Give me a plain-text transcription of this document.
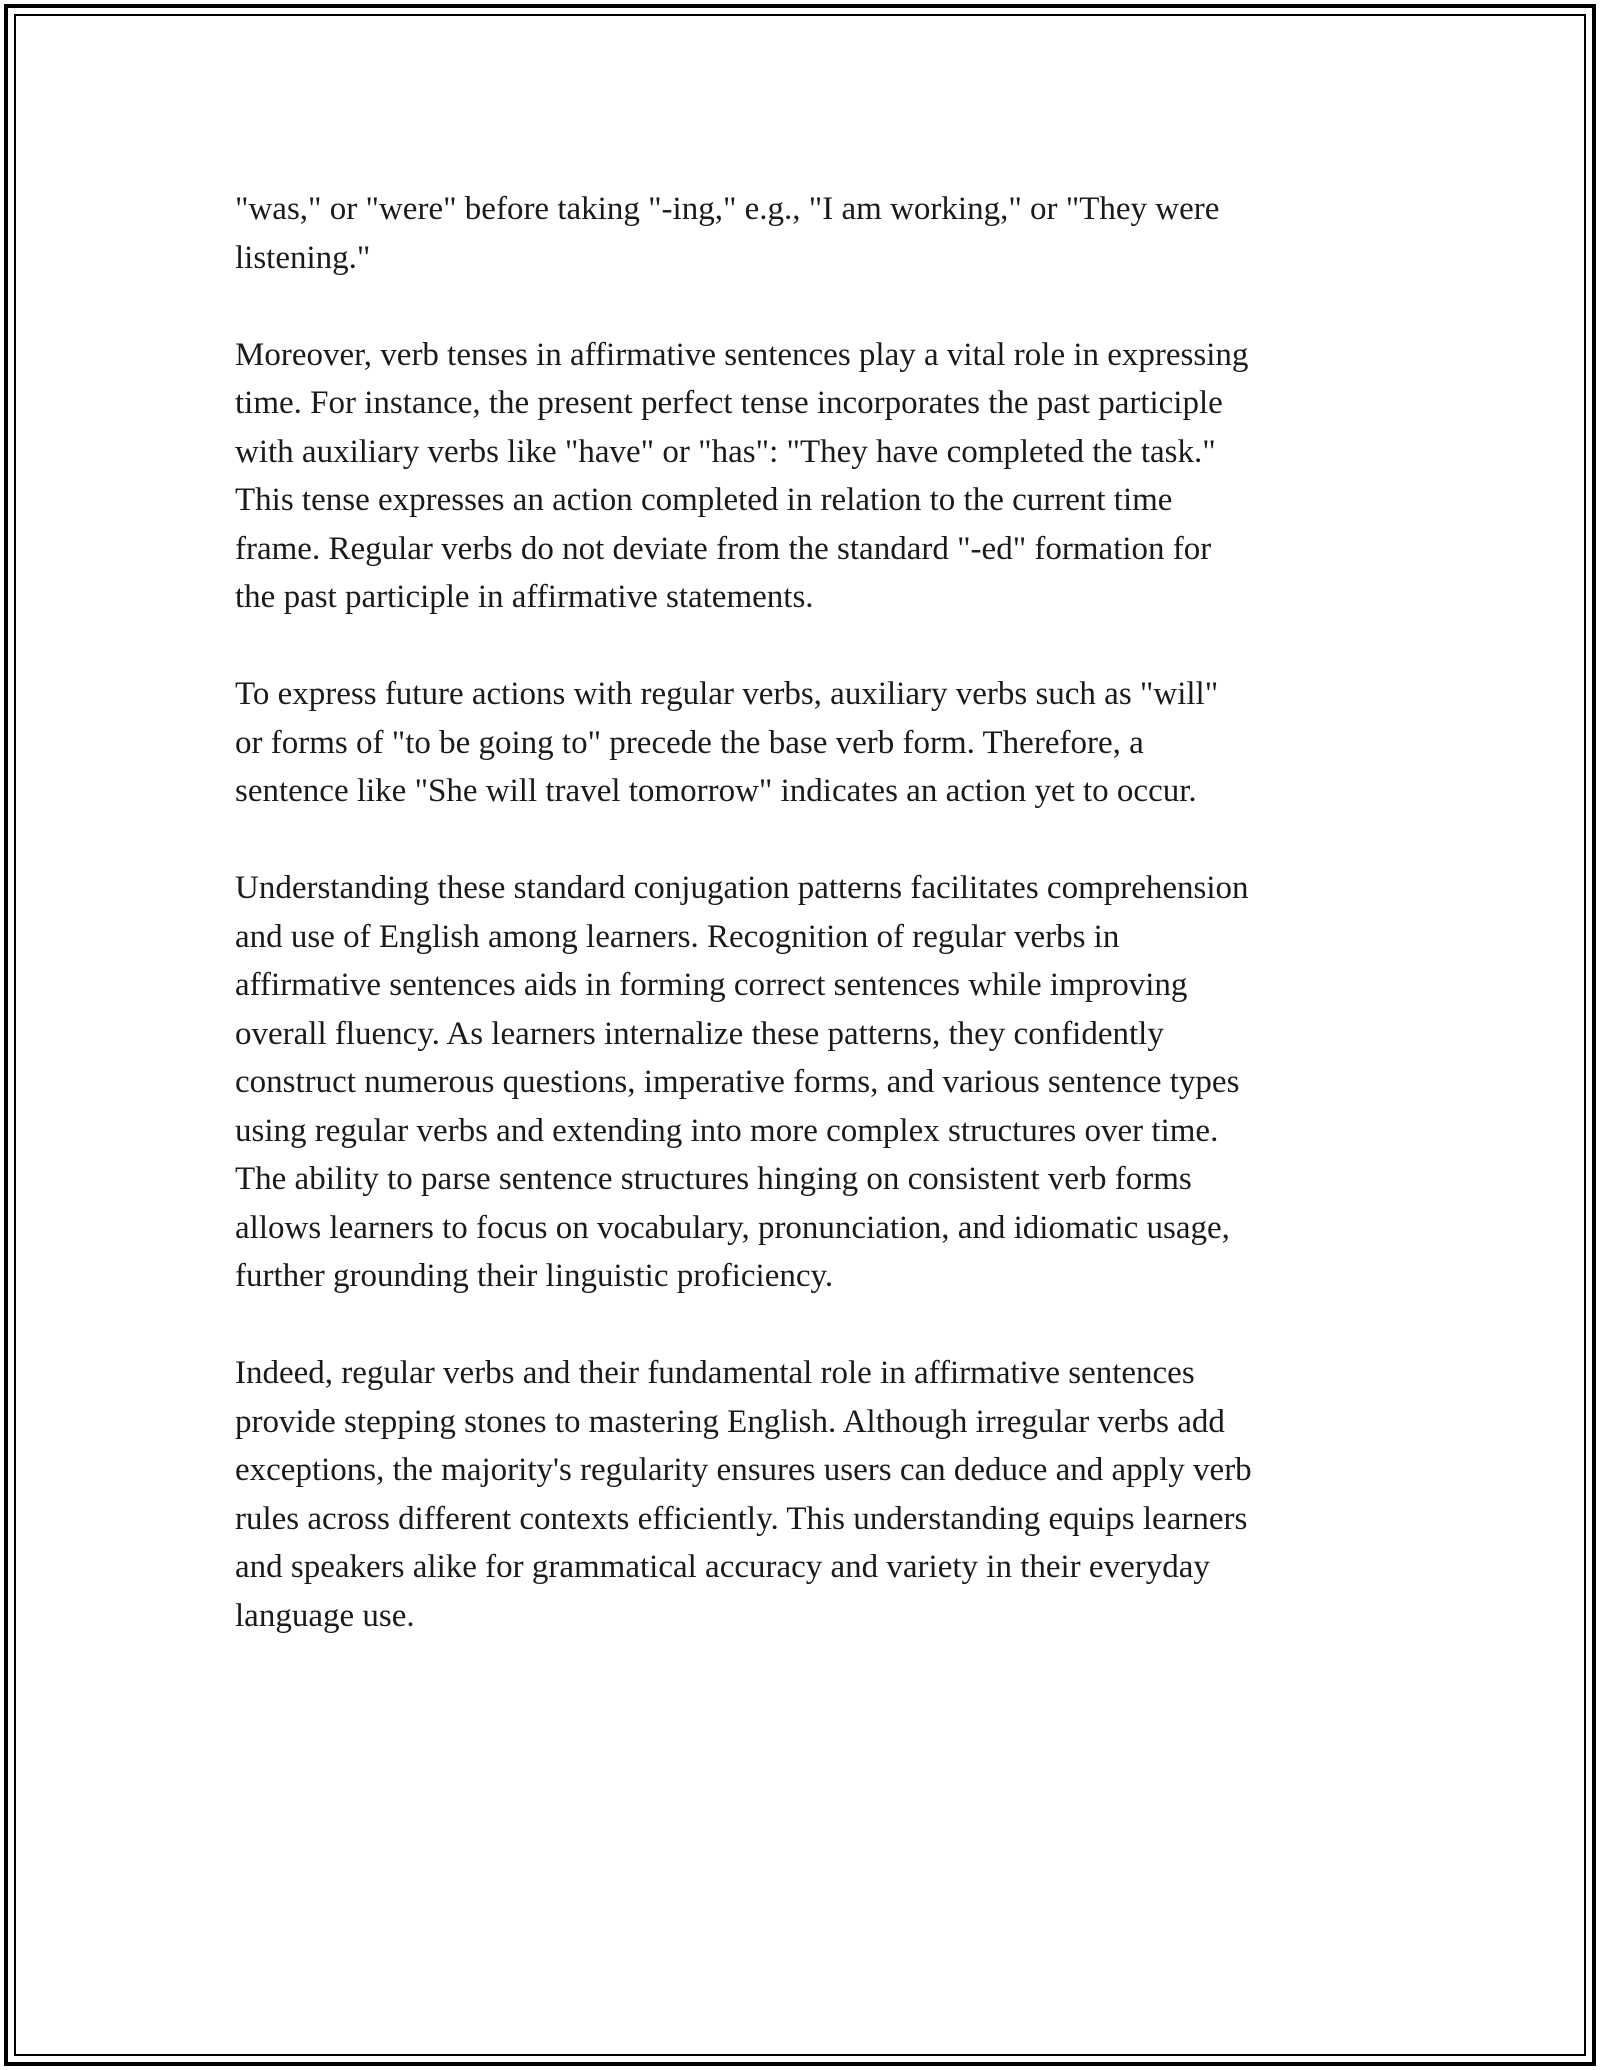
"was," or "were" before taking "-ing," e.g., "I am working," or "They were
listening."

Moreover, verb tenses in affirmative sentences play a vital role in expressing
time. For instance, the present perfect tense incorporates the past participle
with auxiliary verbs like "have" or "has": "They have completed the task."
This tense expresses an action completed in relation to the current time
frame. Regular verbs do not deviate from the standard "-ed" formation for
the past participle in affirmative statements.

To express future actions with regular verbs, auxiliary verbs such as "will"
or forms of "to be going to" precede the base verb form. Therefore, a
sentence like "She will travel tomorrow" indicates an action yet to occur.

Understanding these standard conjugation patterns facilitates comprehension
and use of English among learners. Recognition of regular verbs in
affirmative sentences aids in forming correct sentences while improving
overall fluency. As learners internalize these patterns, they confidently
construct numerous questions, imperative forms, and various sentence types
using regular verbs and extending into more complex structures over time.
The ability to parse sentence structures hinging on consistent verb forms
allows learners to focus on vocabulary, pronunciation, and idiomatic usage,
further grounding their linguistic proficiency.

Indeed, regular verbs and their fundamental role in affirmative sentences
provide stepping stones to mastering English. Although irregular verbs add
exceptions, the majority's regularity ensures users can deduce and apply verb
rules across different contexts efficiently. This understanding equips learners
and speakers alike for grammatical accuracy and variety in their everyday
language use.
